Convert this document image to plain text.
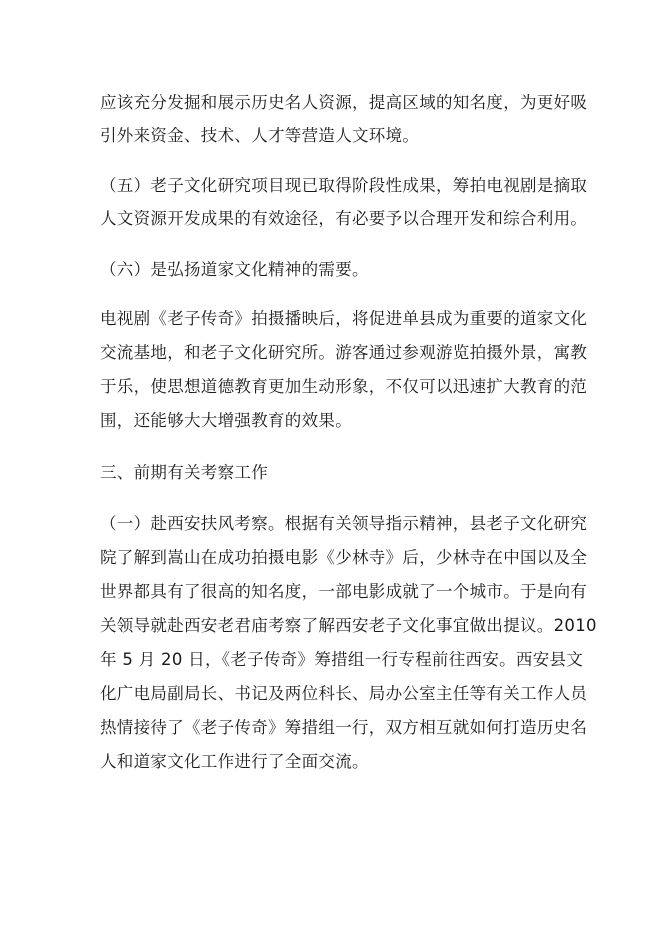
应该充分发掘和展示历史名人资源，提高区域的知名度，为更好吸
引外来资金、技术、人才等营造人文环境。
（五）老子文化研究项目现已取得阶段性成果，筹拍电视剧是摘取
人文资源开发成果的有效途径，有必要予以合理开发和综合利用。
（六）是弘扬道家文化精神的需要。
电视剧《老子传奇》拍摄播映后，将促进单县成为重要的道家文化
交流基地，和老子文化研究所。游客通过参观游览拍摄外景，寓教
于乐，使思想道德教育更加生动形象，不仅可以迅速扩大教育的范
围，还能够大大增强教育的效果。
三、前期有关考察工作
（一）赴西安扶风考察。根据有关领导指示精神，县老子文化研究
院了解到嵩山在成功拍摄电影《少林寺》后，少林寺在中国以及全
世界都具有了很高的知名度，一部电影成就了一个城市。于是向有
关领导就赴西安老君庙考察了解西安老子文化事宜做出提议。2010
年 5 月 20 日，《老子传奇》筹措组一行专程前往西安。西安县文
化广电局副局长、书记及两位科长、局办公室主任等有关工作人员
热情接待了《老子传奇》筹措组一行，双方相互就如何打造历史名
人和道家文化工作进行了全面交流。
